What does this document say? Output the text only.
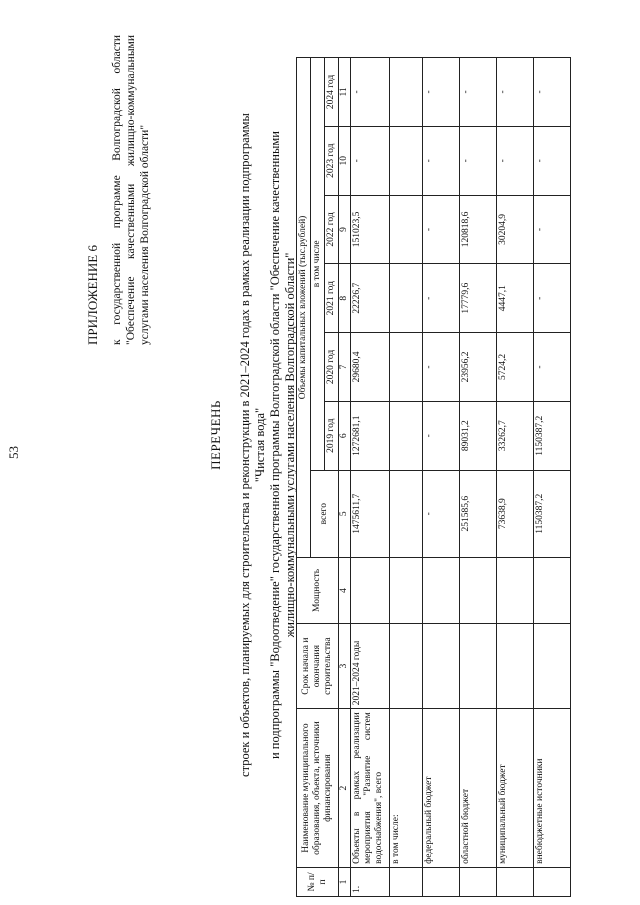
53
ПРИЛОЖЕНИЕ 6 к государственной программе Волгоградской области "Обеспечение качественными жилищно-коммунальными услугами населения Волгоградской области"
ПЕРЕЧЕНЬ строек и объектов, планируемых для строительства и реконструкции в 2021–2024 годах в рамках реализации подпрограммы "Чистая вода" и подпрограммы "Водоотведение" государственной программы Волгоградской области "Обеспечение качественными жилищно-коммунальными услугами населения Волгоградской области"
№ п/п	Наименование муниципального образования, объекта, источники финансирования	Срок начала и окончания строительства	Мощность	Объемы капитальных вложений (тыс.рублей)						
				всего	в том числе					
					2019 год	2020 год	2021 год	2022 год	2023 год	2024 год
1	2	3	4	5	6	7	8	9	10	11
1.	Объекты в рамках реализации мероприятия "Развитие систем водоснабжения", всего	2021–2024 годы		1475611,7	1272681,1	29680,4	22226,7	151023,5	-	-
	в том числе:									
	федеральный бюджет			-	-	-	-	-	-	-
	областной бюджет			251585,6	89031,2	23956,2	17779,6	120818,6	-	-
	муниципальный бюджет			73638,9	33262,7	5724,2	4447,1	30204,9	-	-
	внебюджетные источники			1150387,2	1150387,2	-	-	-	-	-
